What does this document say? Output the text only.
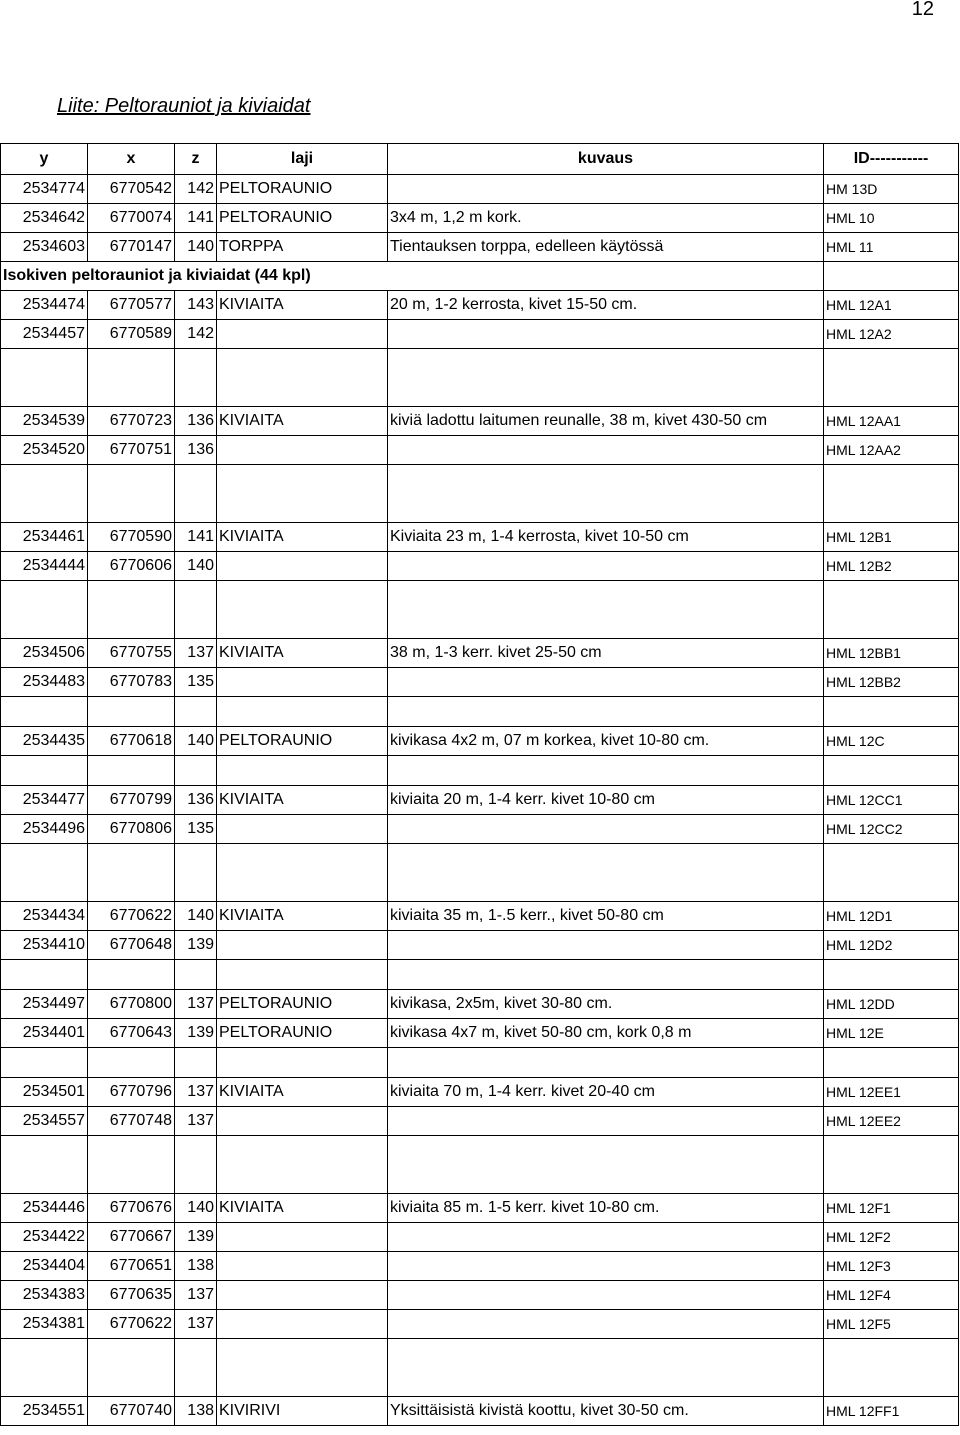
12
Liite: Peltorauniot ja kiviaidat
y	x	z	laji	kuvaus	ID-----------
2534774	6770542	142	PELTORAUNIO		HM 13D
2534642	6770074	141	PELTORAUNIO	3x4 m, 1,2 m kork.	HML 10
2534603	6770147	140	TORPPA	Tientauksen torppa, edelleen käytössä	HML 11
Isokiven peltorauniot ja kiviaidat (44 kpl)					
2534474	6770577	143	KIVIAITA	20 m, 1-2 kerrosta, kivet 15-50 cm.	HML 12A1
2534457	6770589	142			HML 12A2

2534539	6770723	136	KIVIAITA	kiviä ladottu laitumen reunalle, 38 m, kivet 430-50 cm	HML 12AA1
2534520	6770751	136			HML 12AA2

2534461	6770590	141	KIVIAITA	Kiviaita 23 m, 1-4 kerrosta, kivet 10-50 cm	HML 12B1
2534444	6770606	140			HML 12B2

2534506	6770755	137	KIVIAITA	38 m, 1-3 kerr. kivet 25-50 cm	HML 12BB1
2534483	6770783	135			HML 12BB2

2534435	6770618	140	PELTORAUNIO	kivikasa 4x2 m, 07 m korkea, kivet 10-80 cm.	HML 12C

2534477	6770799	136	KIVIAITA	kiviaita 20 m, 1-4 kerr. kivet 10-80 cm	HML 12CC1
2534496	6770806	135			HML 12CC2

2534434	6770622	140	KIVIAITA	kiviaita 35 m, 1-.5 kerr., kivet 50-80 cm	HML 12D1
2534410	6770648	139			HML 12D2

2534497	6770800	137	PELTORAUNIO	kivikasa, 2x5m, kivet 30-80 cm.	HML 12DD
2534401	6770643	139	PELTORAUNIO	kivikasa 4x7 m, kivet 50-80 cm, kork 0,8 m	HML 12E

2534501	6770796	137	KIVIAITA	kiviaita 70 m, 1-4 kerr. kivet 20-40 cm	HML 12EE1
2534557	6770748	137			HML 12EE2

2534446	6770676	140	KIVIAITA	kiviaita 85 m. 1-5 kerr. kivet 10-80 cm.	HML 12F1
2534422	6770667	139			HML 12F2
2534404	6770651	138			HML 12F3
2534383	6770635	137			HML 12F4
2534381	6770622	137			HML 12F5

2534551	6770740	138	KIVIRIVI	Yksittäisistä kivistä koottu, kivet 30-50 cm.	HML 12FF1
